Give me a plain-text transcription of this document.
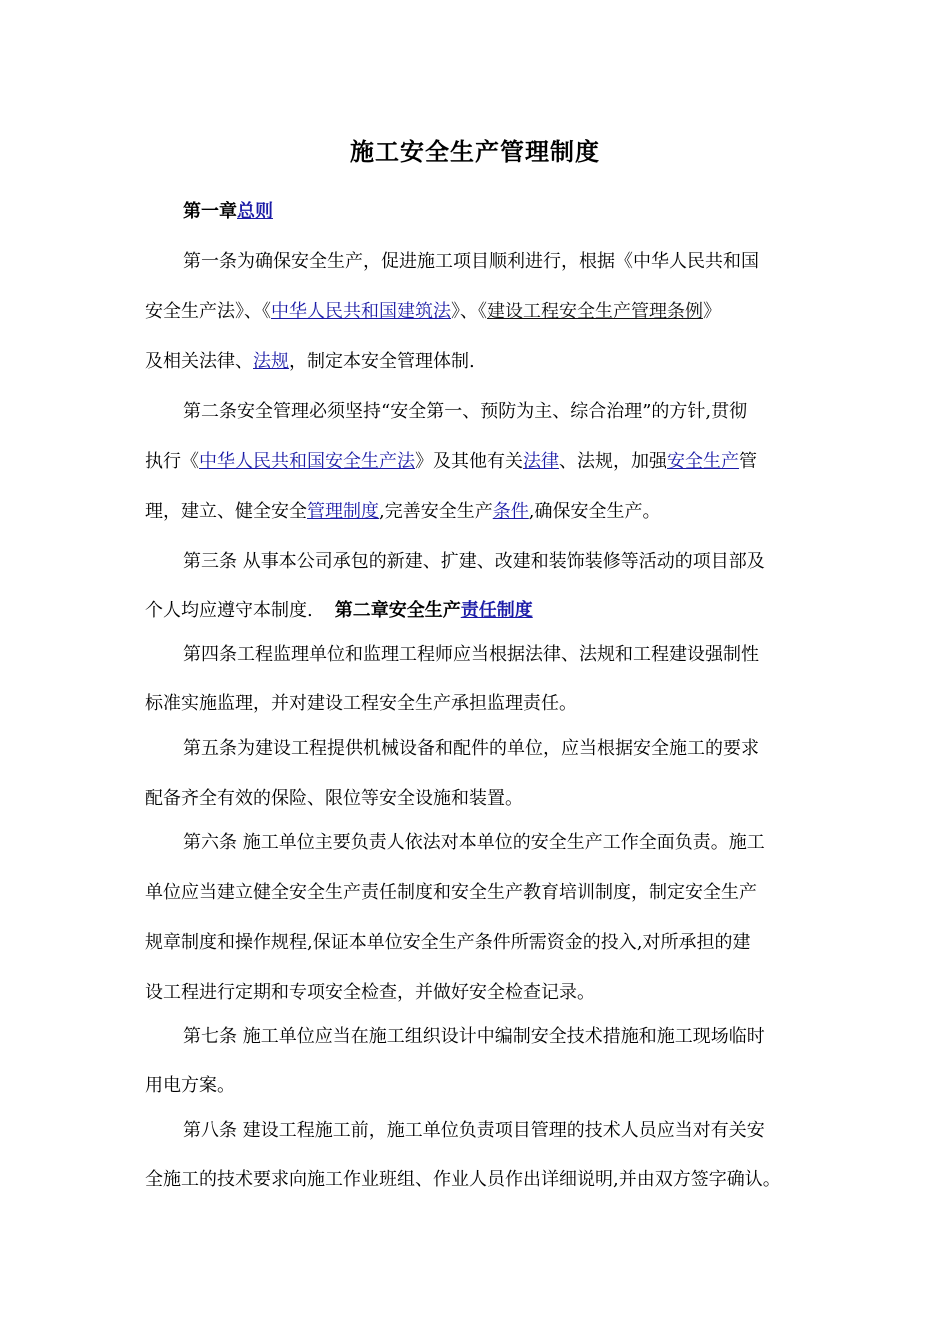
施工安全生产管理制度
第一章总则
第一条为确保安全生产，促进施工项目顺利进行，根据《中华人民共和国
安全生产法》、《中华人民共和国建筑法》、《建设工程安全生产管理条例》
及相关法律、法规，制定本安全管理体制.
第二条安全管理必须坚持“安全第一、预防为主、综合治理”的方针,贯彻
执行《中华人民共和国安全生产法》及其他有关法律、法规，加强安全生产管
理，建立、健全安全管理制度,完善安全生产条件,确保安全生产。
第三条 从事本公司承包的新建、扩建、改建和装饰装修等活动的项目部及
个人均应遵守本制度. 第二章安全生产责任制度
第四条工程监理单位和监理工程师应当根据法律、法规和工程建设强制性
标准实施监理，并对建设工程安全生产承担监理责任。
第五条为建设工程提供机械设备和配件的单位，应当根据安全施工的要求
配备齐全有效的保险、限位等安全设施和装置。
第六条 施工单位主要负责人依法对本单位的安全生产工作全面负责。施工
单位应当建立健全安全生产责任制度和安全生产教育培训制度，制定安全生产
规章制度和操作规程,保证本单位安全生产条件所需资金的投入,对所承担的建
设工程进行定期和专项安全检查，并做好安全检查记录。
第七条 施工单位应当在施工组织设计中编制安全技术措施和施工现场临时
用电方案。
第八条 建设工程施工前，施工单位负责项目管理的技术人员应当对有关安
全施工的技术要求向施工作业班组、作业人员作出详细说明,并由双方签字确认。
